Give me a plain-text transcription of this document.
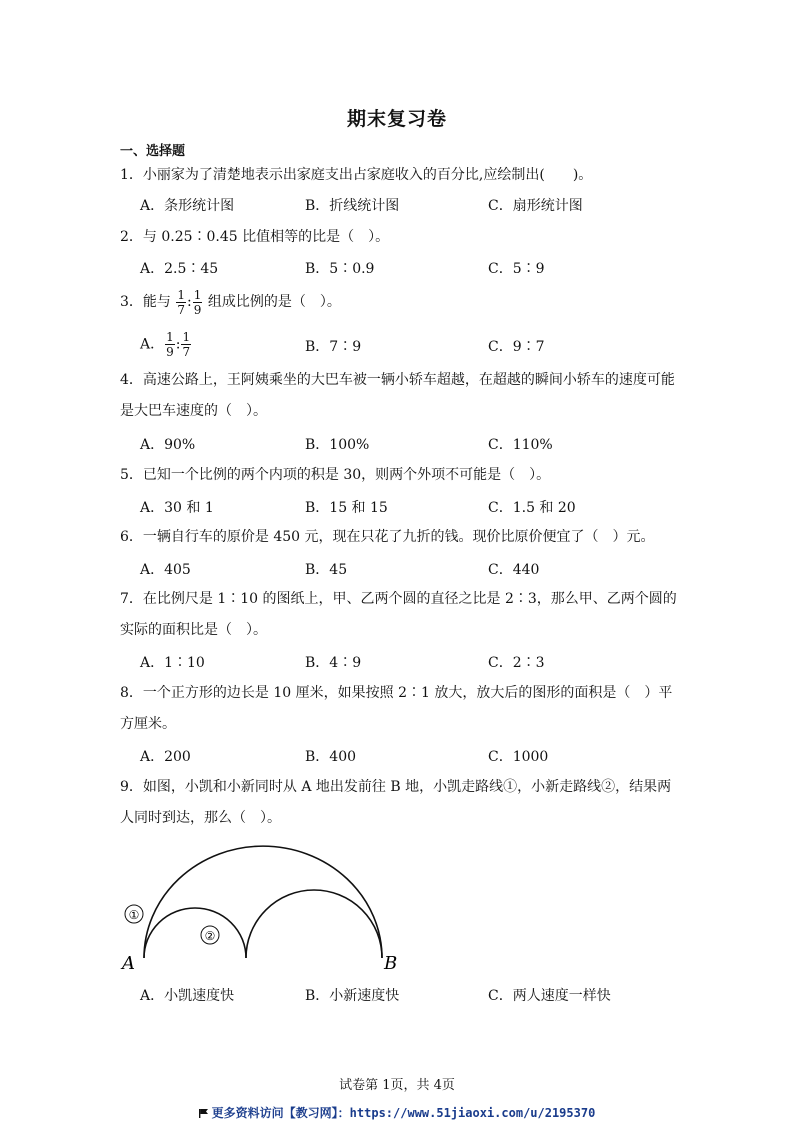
期末复习卷
一、选择题
1．小丽家为了清楚地表示出家庭支出占家庭收入的百分比,应绘制出(　　)。
A．条形统计图	B．折线统计图	C．扇形统计图
2．与 0.25∶0.45 比值相等的比是（　）。
A．2.5∶45	B．5∶0.9	C．5∶9
3．能与 $\frac{1}{7}$ : $\frac{1}{9}$ 组成比例的是（　）。
A． $\frac{1}{9}$ : $\frac{1}{7}$	B．7∶9	C．9∶7
4．高速公路上，王阿姨乘坐的大巴车被一辆小轿车超越，在超越的瞬间小轿车的速度可能是大巴车速度的（　）。
A．90%	B．100%	C．110%
5．已知一个比例的两个内项的积是 30，则两个外项不可能是（　）。
A．30 和 1	B．15 和 15	C．1.5 和 20
6．一辆自行车的原价是 450 元，现在只花了九折的钱。现价比原价便宜了（　）元。
A．405	B．45	C．440
7．在比例尺是 1∶10 的图纸上，甲、乙两个圆的直径之比是 2∶3，那么甲、乙两个圆的实际的面积比是（　）。
A．1∶10	B．4∶9	C．2∶3
8．一个正方形的边长是 10 厘米，如果按照 2∶1 放大，放大后的图形的面积是（　）平方厘米。
A．200	B．400	C．1000
9．如图，小凯和小新同时从 A 地出发前往 B 地，小凯走路线①，小新走路线②，结果两人同时到达，那么（　）。
①
②
A	B
A．小凯速度快	B．小新速度快	C．两人速度一样快
试卷第 1页，共 4页
更多资料访问【教习网】：https://www.51jiaoxi.com/u/2195370
